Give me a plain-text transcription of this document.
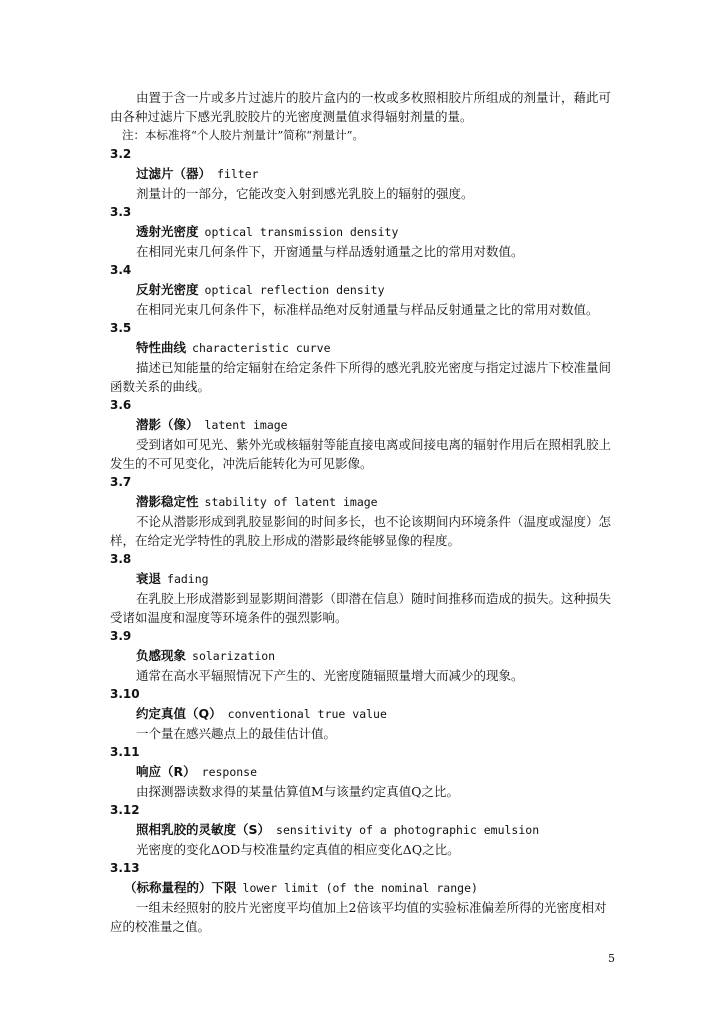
由置于含一片或多片过滤片的胶片盒内的一枚或多枚照相胶片所组成的剂量计，藉此可由各种过滤片下感光乳胶胶片的光密度测量值求得辐射剂量的量。

注：本标准将“个人胶片剂量计”简称“剂量计”。

3.2

过滤片（器） filter

剂量计的一部分，它能改变入射到感光乳胶上的辐射的强度。

3.3

透射光密度 optical transmission density

在相同光束几何条件下，开窗通量与样品透射通量之比的常用对数值。

3.4

反射光密度 optical reflection density

在相同光束几何条件下，标准样品绝对反射通量与样品反射通量之比的常用对数值。

3.5

特性曲线 characteristic curve

描述已知能量的给定辐射在给定条件下所得的感光乳胶光密度与指定过滤片下校准量间函数关系的曲线。

3.6

潜影（像） latent image

受到诸如可见光、紫外光或核辐射等能直接电离或间接电离的辐射作用后在照相乳胶上发生的不可见变化，冲洗后能转化为可见影像。

3.7

潜影稳定性 stability of latent image

不论从潜影形成到乳胶显影间的时间多长，也不论该期间内环境条件（温度或湿度）怎样，在给定光学特性的乳胶上形成的潜影最终能够显像的程度。

3.8

衰退 fading

在乳胶上形成潜影到显影期间潜影（即潜在信息）随时间推移而造成的损失。这种损失受诸如温度和湿度等环境条件的强烈影响。

3.9

负感现象 solarization

通常在高水平辐照情况下产生的、光密度随辐照量增大而减少的现象。

3.10

约定真值（Q） conventional true value

一个量在感兴趣点上的最佳估计值。

3.11

响应（R） response

由探测器读数求得的某量估算值M与该量约定真值Q之比。

3.12

照相乳胶的灵敏度（S） sensitivity of a photographic emulsion

光密度的变化ΔOD与校准量约定真值的相应变化ΔQ之比。

3.13

（标称量程的）下限 lower limit (of the nominal range)

一组未经照射的胶片光密度平均值加上2倍该平均值的实验标准偏差所得的光密度相对应的校准量之值。

5
